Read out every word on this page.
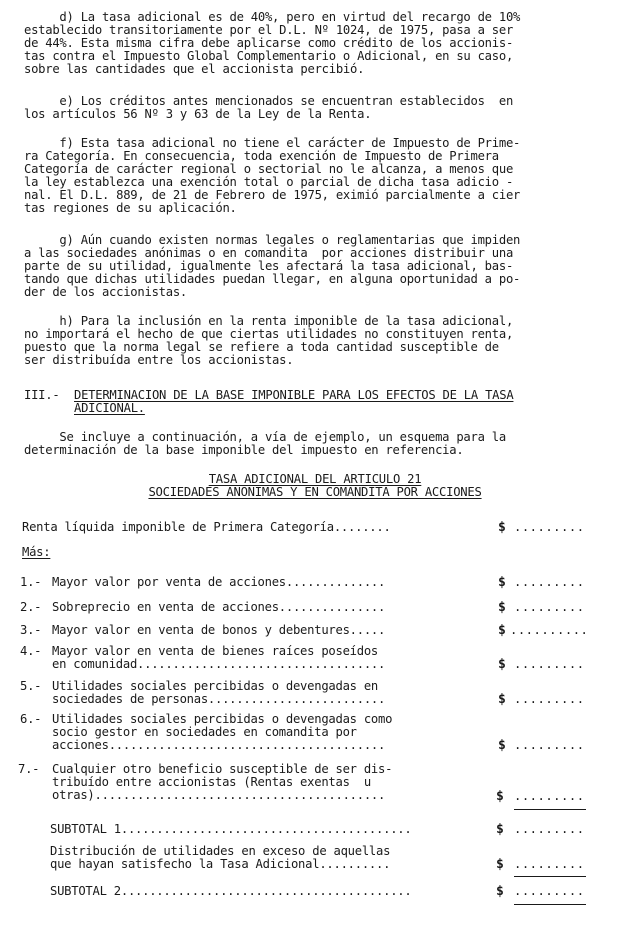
d) La tasa adicional es de 40%, pero en virtud del recargo de 10%
establecido transitoriamente por el D.L. Nº 1024, de 1975, pasa a ser
de 44%. Esta misma cifra debe aplicarse como crédito de los accionis-
tas contra el Impuesto Global Complementario o Adicional, en su caso,
sobre las cantidades que el accionista percibió.
e) Los créditos antes mencionados se encuentran establecidos  en
los artículos 56 Nº 3 y 63 de la Ley de la Renta.
f) Esta tasa adicional no tiene el carácter de Impuesto de Prime-
ra Categoría. En consecuencia, toda exención de Impuesto de Primera
Categoría de carácter regional o sectorial no le alcanza, a menos que
la ley establezca una exención total o parcial de dicha tasa adicio -
nal. El D.L. 889, de 21 de Febrero de 1975, eximió parcialmente a cier
tas regiones de su aplicación.
g) Aún cuando existen normas legales o reglamentarias que impiden
a las sociedades anónimas o en comandita  por acciones distribuir una
parte de su utilidad, igualmente les afectará la tasa adicional, bas-
tando que dichas utilidades puedan llegar, en alguna oportunidad a po-
der de los accionistas.
h) Para la inclusión en la renta imponible de la tasa adicional,
no importará el hecho de que ciertas utilidades no constituyen renta,
puesto que la norma legal se refiere a toda cantidad susceptible de
ser distribuída entre los accionistas.
III.- DETERMINACION DE LA BASE IMPONIBLE PARA LOS EFECTOS DE LA TASA
ADICIONAL.
Se incluye a continuación, a vía de ejemplo, un esquema para la
determinación de la base imponible del impuesto en referencia.
TASA ADICIONAL DEL ARTICULO 21
SOCIEDADES ANONIMAS Y EN COMANDITA POR ACCIONES
Renta líquida imponible de Primera Categoría........	$ .........
Más:
1.- Mayor valor por venta de acciones..............	$ .........
2.- Sobreprecio en venta de acciones...............	$ .........
3.- Mayor valor en venta de bonos y debentures.....	$ ..........
4.- Mayor valor en venta de bienes raíces poseídos
en comunidad...................................	$ .........
5.- Utilidades sociales percibidas o devengadas en
sociedades de personas.........................	$ .........
6.- Utilidades sociales percibidas o devengadas como
socio gestor en sociedades en comandita por
acciones.......................................	$ .........
7.- Cualquier otro beneficio susceptible de ser dis-
tribuído entre accionistas (Rentas exentas  u
otras).........................................	$ .........
SUBTOTAL 1.........................................	$ .........
Distribución de utilidades en exceso de aquellas
que hayan satisfecho la Tasa Adicional..........	$ .........
SUBTOTAL 2.........................................	$ .........
